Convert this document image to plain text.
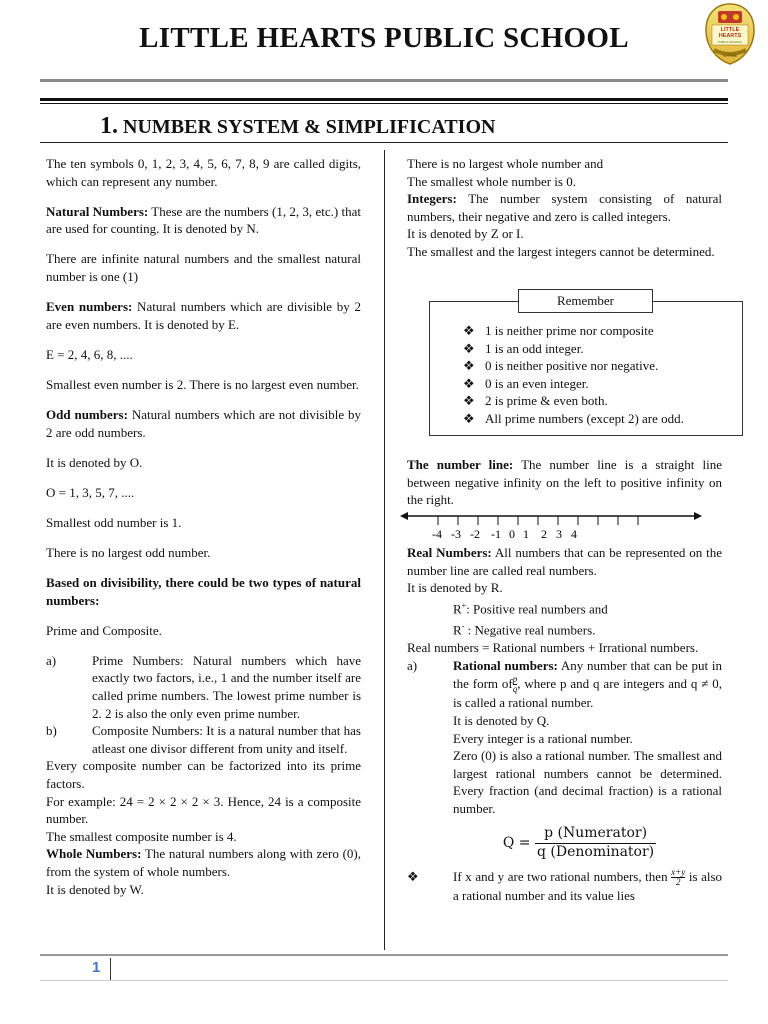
LITTLE HEARTS PUBLIC SCHOOL	LITTLE
HEARTS
PUBLIC SCHOOL
KOTHANI
1. NUMBER SYSTEM & SIMPLIFICATION

The ten symbols 0, 1, 2, 3, 4, 5, 6, 7, 8, 9 are called digits, which can represent any number.

Natural Numbers: These are the numbers (1, 2, 3, etc.) that are used for counting. It is denoted by N.

There are infinite natural numbers and the smallest natural number is one (1)

Even numbers: Natural numbers which are divisible by 2 are even numbers. It is denoted by E.

E = 2, 4, 6, 8, ....

Smallest even number is 2. There is no largest even number.

Odd numbers: Natural numbers which are not divisible by 2 are odd numbers.

It is denoted by O.

O = 1, 3, 5, 7, ....

Smallest odd number is 1.

There is no largest odd number.

Based on divisibility, there could be two types of natural numbers:

Prime and Composite.

a)	Prime Numbers: Natural numbers which have exactly two factors, i.e., 1 and the number itself are called prime numbers. The lowest prime number is 2. 2 is also the only even prime number.
b)	Composite Numbers: It is a natural number that has atleast one divisor different from unity and itself.

Every composite number can be factorized into its prime factors.

For example: 24 = 2 × 2 × 2 × 3. Hence, 24 is a composite number.

The smallest composite number is 4.

Whole Numbers: The natural numbers along with zero (0), from the system of whole numbers.

It is denoted by W.

There is no largest whole number and

The smallest whole number is 0.

Integers: The number system consisting of natural numbers, their negative and zero is called integers.

It is denoted by Z or I.

The smallest and the largest integers cannot be determined.

Remember
❖ 1 is neither prime nor composite
❖ 1 is an odd integer.
❖ 0 is neither positive nor negative.
❖ 0 is an even integer.
❖ 2 is prime & even both.
❖ All prime numbers (except 2) are odd.

The number line: The number line is a straight line between negative infinity on the left to positive infinity on the right.

-4 -3 -2 -1 0 1 2 3 4

Real Numbers: All numbers that can be represented on the number line are called real numbers.

It is denoted by R.

R+: Positive real numbers and

R- : Negative real numbers.

Real numbers = Rational numbers + Irrational numbers.

a)	Rational numbers: Any number that can be put in the form of $\frac{p}{q}$ , where p and q are integers and q ≠ 0, is called a rational number.

It is denoted by Q.

Every integer is a rational number.

Zero (0) is also a rational number. The smallest and largest rational numbers cannot be determined. Every fraction (and decimal fraction) is a rational number.

Q =
p (Numerator)
q (Denominator)
❖	If x and y are two rational numbers, then $\frac{x+y}{2}$ is also a rational number and its value lies
1
